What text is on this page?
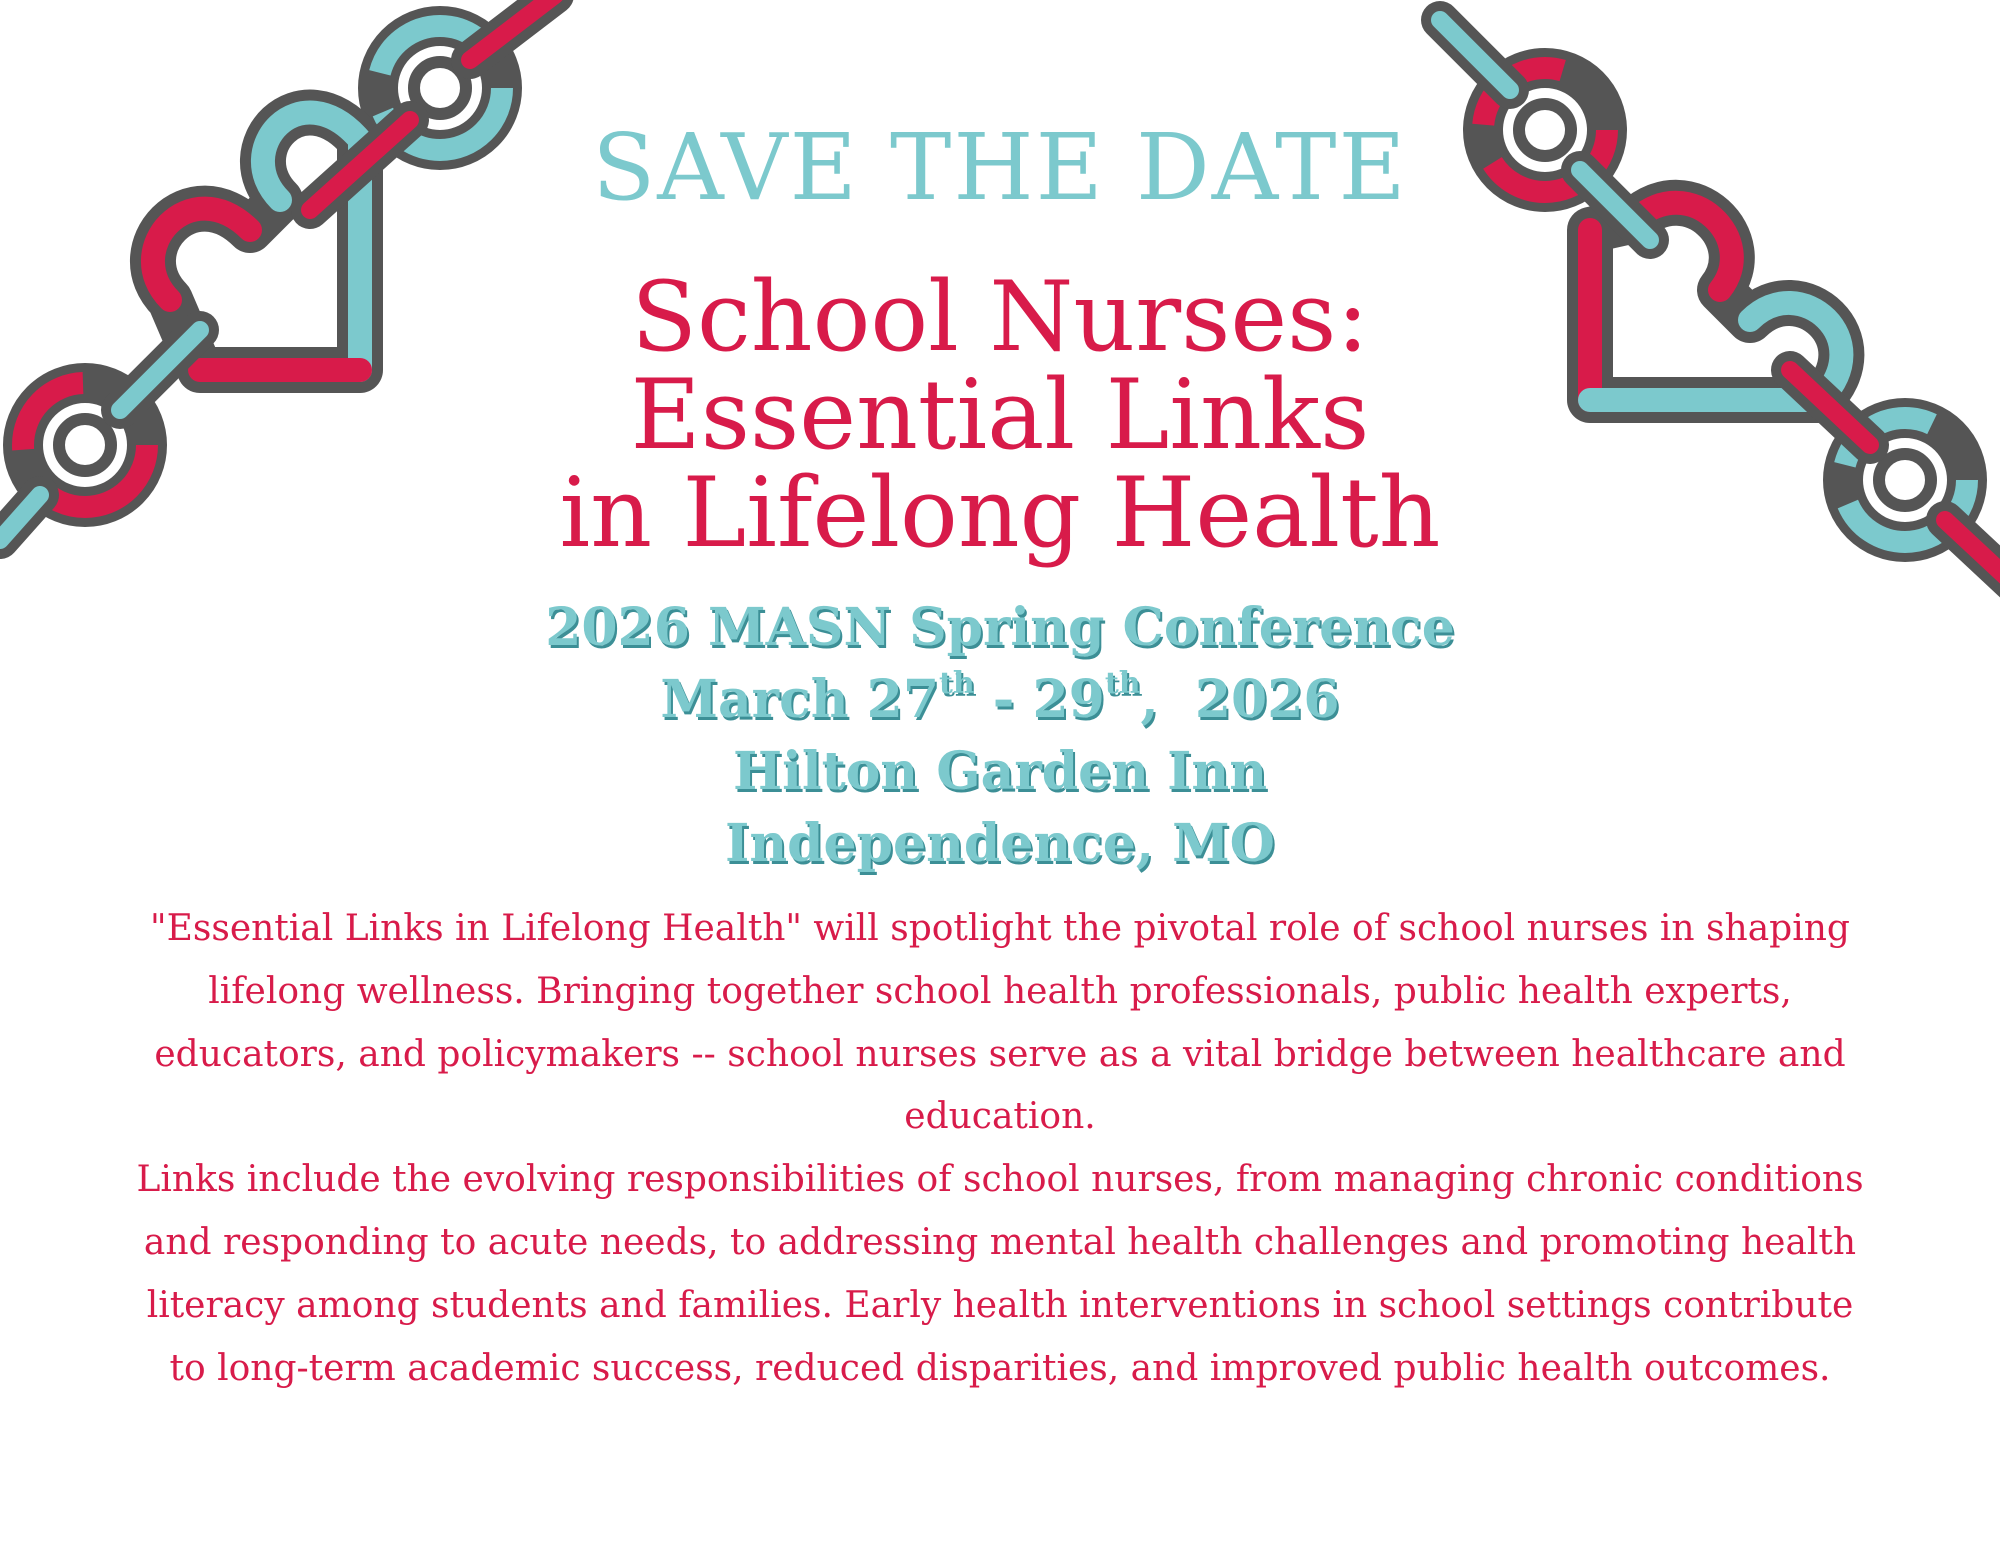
SAVE THE DATE
School Nurses:
Essential Links
in Lifelong Health
2026 MASN Spring Conference
March 27th - 29th,  2026
Hilton Garden Inn
Independence, MO

"Essential Links in Lifelong Health" will spotlight the pivotal role of school nurses in shaping lifelong wellness. Bringing together school health professionals, public health experts, educators, and policymakers -- school nurses serve as a vital bridge between healthcare and education.

Links include the evolving responsibilities of school nurses, from managing chronic conditions and responding to acute needs, to addressing mental health challenges and promoting health literacy among students and families. Early health interventions in school settings contribute to long-term academic success, reduced disparities, and improved public health outcomes.
